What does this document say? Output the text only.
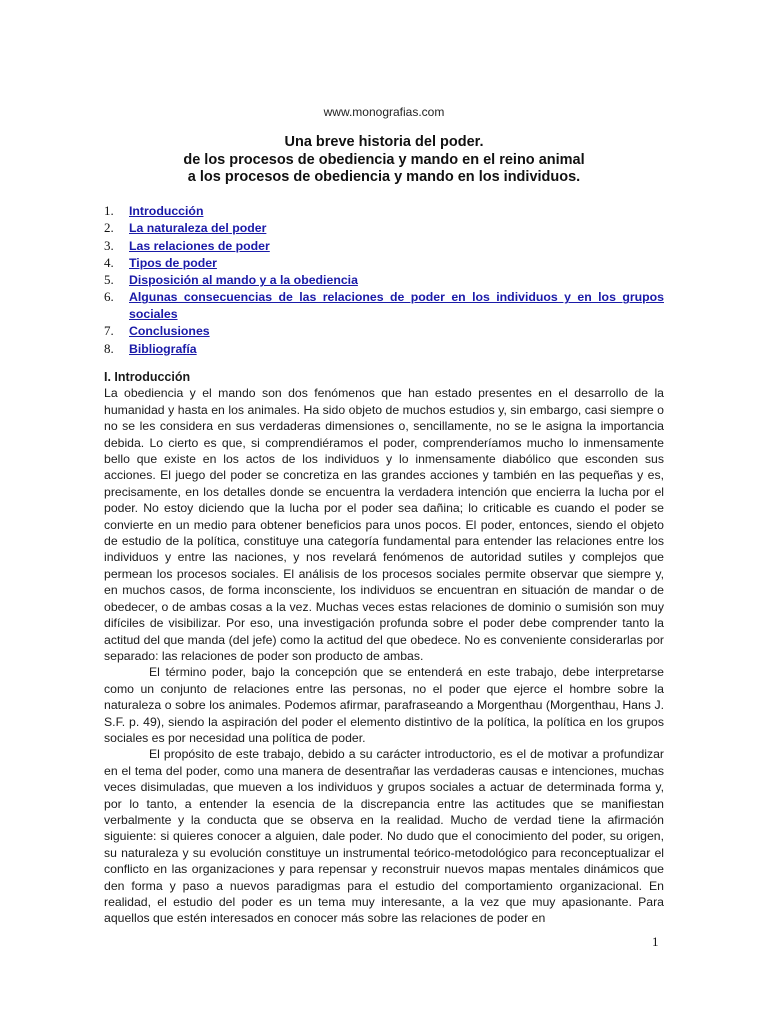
www.monografias.com
Una breve historia del poder.
de los procesos de obediencia y mando en el reino animal
a los procesos de obediencia y mando en los individuos.
1. Introducción
2. La naturaleza del poder
3. Las relaciones de poder
4. Tipos de poder
5. Disposición al mando y a la obediencia
6. Algunas consecuencias de las relaciones de poder en los individuos y en los grupos sociales
7. Conclusiones
8. Bibliografía
I. Introducción

La obediencia y el mando son dos fenómenos que han estado presentes en el desarrollo de la humanidad y hasta en los animales. Ha sido objeto de muchos estudios y, sin embargo, casi siempre o no se les considera en sus verdaderas dimensiones o, sencillamente, no se le asigna la importancia debida. Lo cierto es que, si comprendiéramos el poder, comprenderíamos mucho lo inmensamente bello que existe en los actos de los individuos y lo inmensamente diabólico que esconden sus acciones. El juego del poder se concretiza en las grandes acciones y también en las pequeñas y es, precisamente, en los detalles donde se encuentra la verdadera intención que encierra la lucha por el poder. No estoy diciendo que la lucha por el poder sea dañina; lo criticable es cuando el poder se convierte en un medio para obtener beneficios para unos pocos. El poder, entonces, siendo el objeto de estudio de la política, constituye una categoría fundamental para entender las relaciones entre los individuos y entre las naciones, y nos revelará fenómenos de autoridad sutiles y complejos que permean los procesos sociales. El análisis de los procesos sociales permite observar que siempre y, en muchos casos, de forma inconsciente, los individuos se encuentran en situación de mandar o de obedecer, o de ambas cosas a la vez. Muchas veces estas relaciones de dominio o sumisión son muy difíciles de visibilizar. Por eso, una investigación profunda sobre el poder debe comprender tanto la actitud del que manda (del jefe) como la actitud del que obedece. No es conveniente considerarlas por separado: las relaciones de poder son producto de ambas.

El término poder, bajo la concepción que se entenderá en este trabajo, debe interpretarse como un conjunto de relaciones entre las personas, no el poder que ejerce el hombre sobre la naturaleza o sobre los animales. Podemos afirmar, parafraseando a Morgenthau (Morgenthau, Hans J. S.F. p. 49), siendo la aspiración del poder el elemento distintivo de la política, la política en los grupos sociales es por necesidad una política de poder.

El propósito de este trabajo, debido a su carácter introductorio, es el de motivar a profundizar en el tema del poder, como una manera de desentrañar las verdaderas causas e intenciones, muchas veces disimuladas, que mueven a los individuos y grupos sociales a actuar de determinada forma y, por lo tanto, a entender la esencia de la discrepancia entre las actitudes que se manifiestan verbalmente y la conducta que se observa en la realidad. Mucho de verdad tiene la afirmación siguiente: si quieres conocer a alguien, dale poder. No dudo que el conocimiento del poder, su origen, su naturaleza y su evolución constituye un instrumental teórico-metodológico para reconceptualizar el conflicto en las organizaciones y para repensar y reconstruir nuevos mapas mentales dinámicos que den forma y paso a nuevos paradigmas para el estudio del comportamiento organizacional. En realidad, el estudio del poder es un tema muy interesante, a la vez que muy apasionante. Para aquellos que estén interesados en conocer más sobre las relaciones de poder en

1
